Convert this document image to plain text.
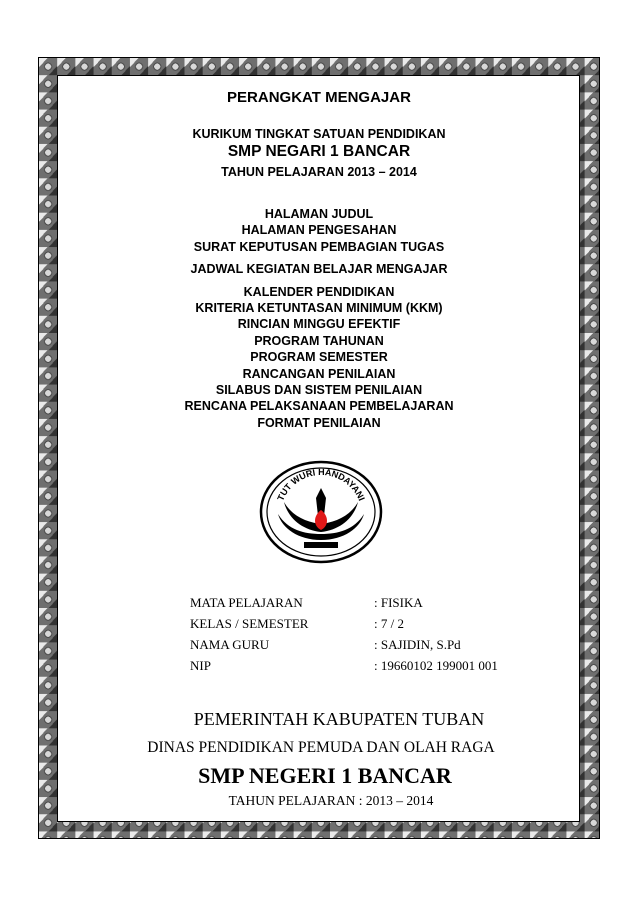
PERANGKAT MENGAJAR
KURIKUM TINGKAT SATUAN PENDIDIKAN
SMP NEGARI 1 BANCAR
TAHUN PELAJARAN 2013 – 2014
HALAMAN JUDUL
HALAMAN PENGESAHAN
SURAT KEPUTUSAN PEMBAGIAN TUGAS
JADWAL KEGIATAN BELAJAR MENGAJAR
KALENDER PENDIDIKAN
KRITERIA KETUNTASAN MINIMUM (KKM)
RINCIAN MINGGU EFEKTIF
PROGRAM TAHUNAN
PROGRAM SEMESTER
RANCANGAN PENILAIAN
SILABUS DAN SISTEM PENILAIAN
RENCANA PELAKSANAAN PEMBELAJARAN
FORMAT PENILAIAN
TUT WURI HANDAYANI
MATA PELAJARAN	: FISIKA
KELAS / SEMESTER	: 7 / 2
NAMA GURU	: SAJIDIN, S.Pd
NIP	: 19660102 199001 001
PEMERINTAH KABUPATEN TUBAN
DINAS PENDIDIKAN PEMUDA DAN OLAH RAGA
SMP NEGERI 1 BANCAR
TAHUN PELAJARAN : 2013 – 2014
